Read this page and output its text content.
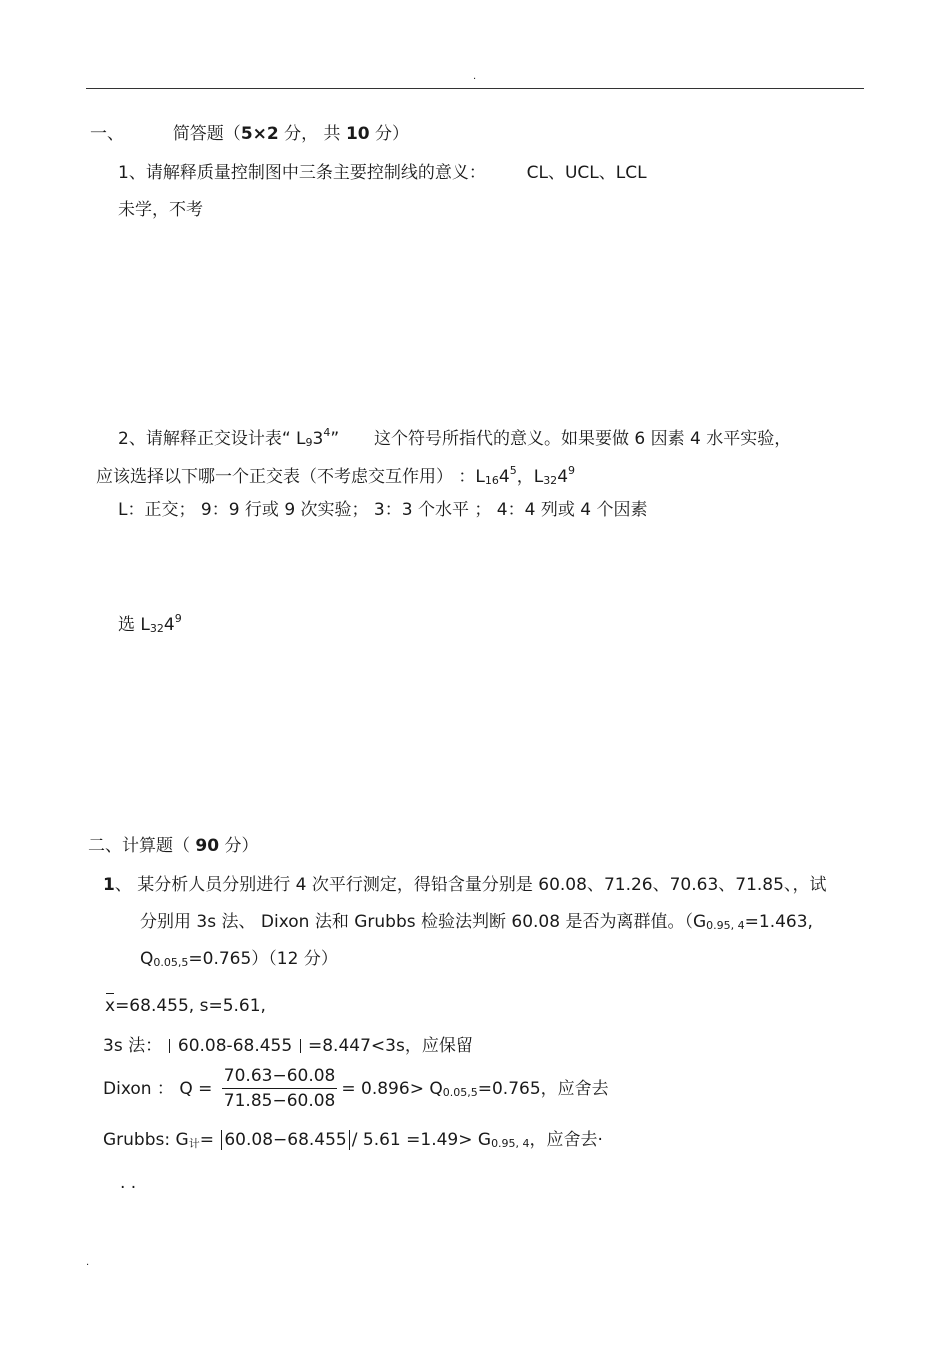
.
一、	简答题（5×2 分， 共 10 分）
1、请解释质量控制图中三条主要控制线的意义： CL、UCL、LCL
未学，不考
2、请解释正交设计表“ $L_93^4$” 这个符号所指代的意义。如果要做 6 因素 4 水平实验，
应该选择以下哪一个正交表（不考虑交互作用） ：$L_{16}4^5$，$L_{32}4^9$
L：正交； 9：9 行或 9 次实验； 3：3 个水平 ； 4：4 列或 4 个因素
选 $L_{32}4^9$
二、计算题（ 90 分）
1、 某分析人员分别进行 4 次平行测定，得铅含量分别是 60.08、71.26、70.63、71.85、，试
分别用 3s 法、 Dixon 法和 Grubbs 检验法判断 60.08 是否为离群值。（$G_{0.95, 4}=1.463$,
$Q_{0.05,5}=0.765)(12$ 分）
x=68.455, s=5.61,
3s 法： 60.08-68.455 =8.447<3s，应保留
Dixon ： $Q = \frac{70.63-60.08}{71.85-60.08} = 0.896> Q_{0.05,5}=0.765$，应舍去
Grubbs: $G_计= 60.08-68.455 / 5.61 =1.49> G_{0.95, 4}$，应舍去·
. .
.
